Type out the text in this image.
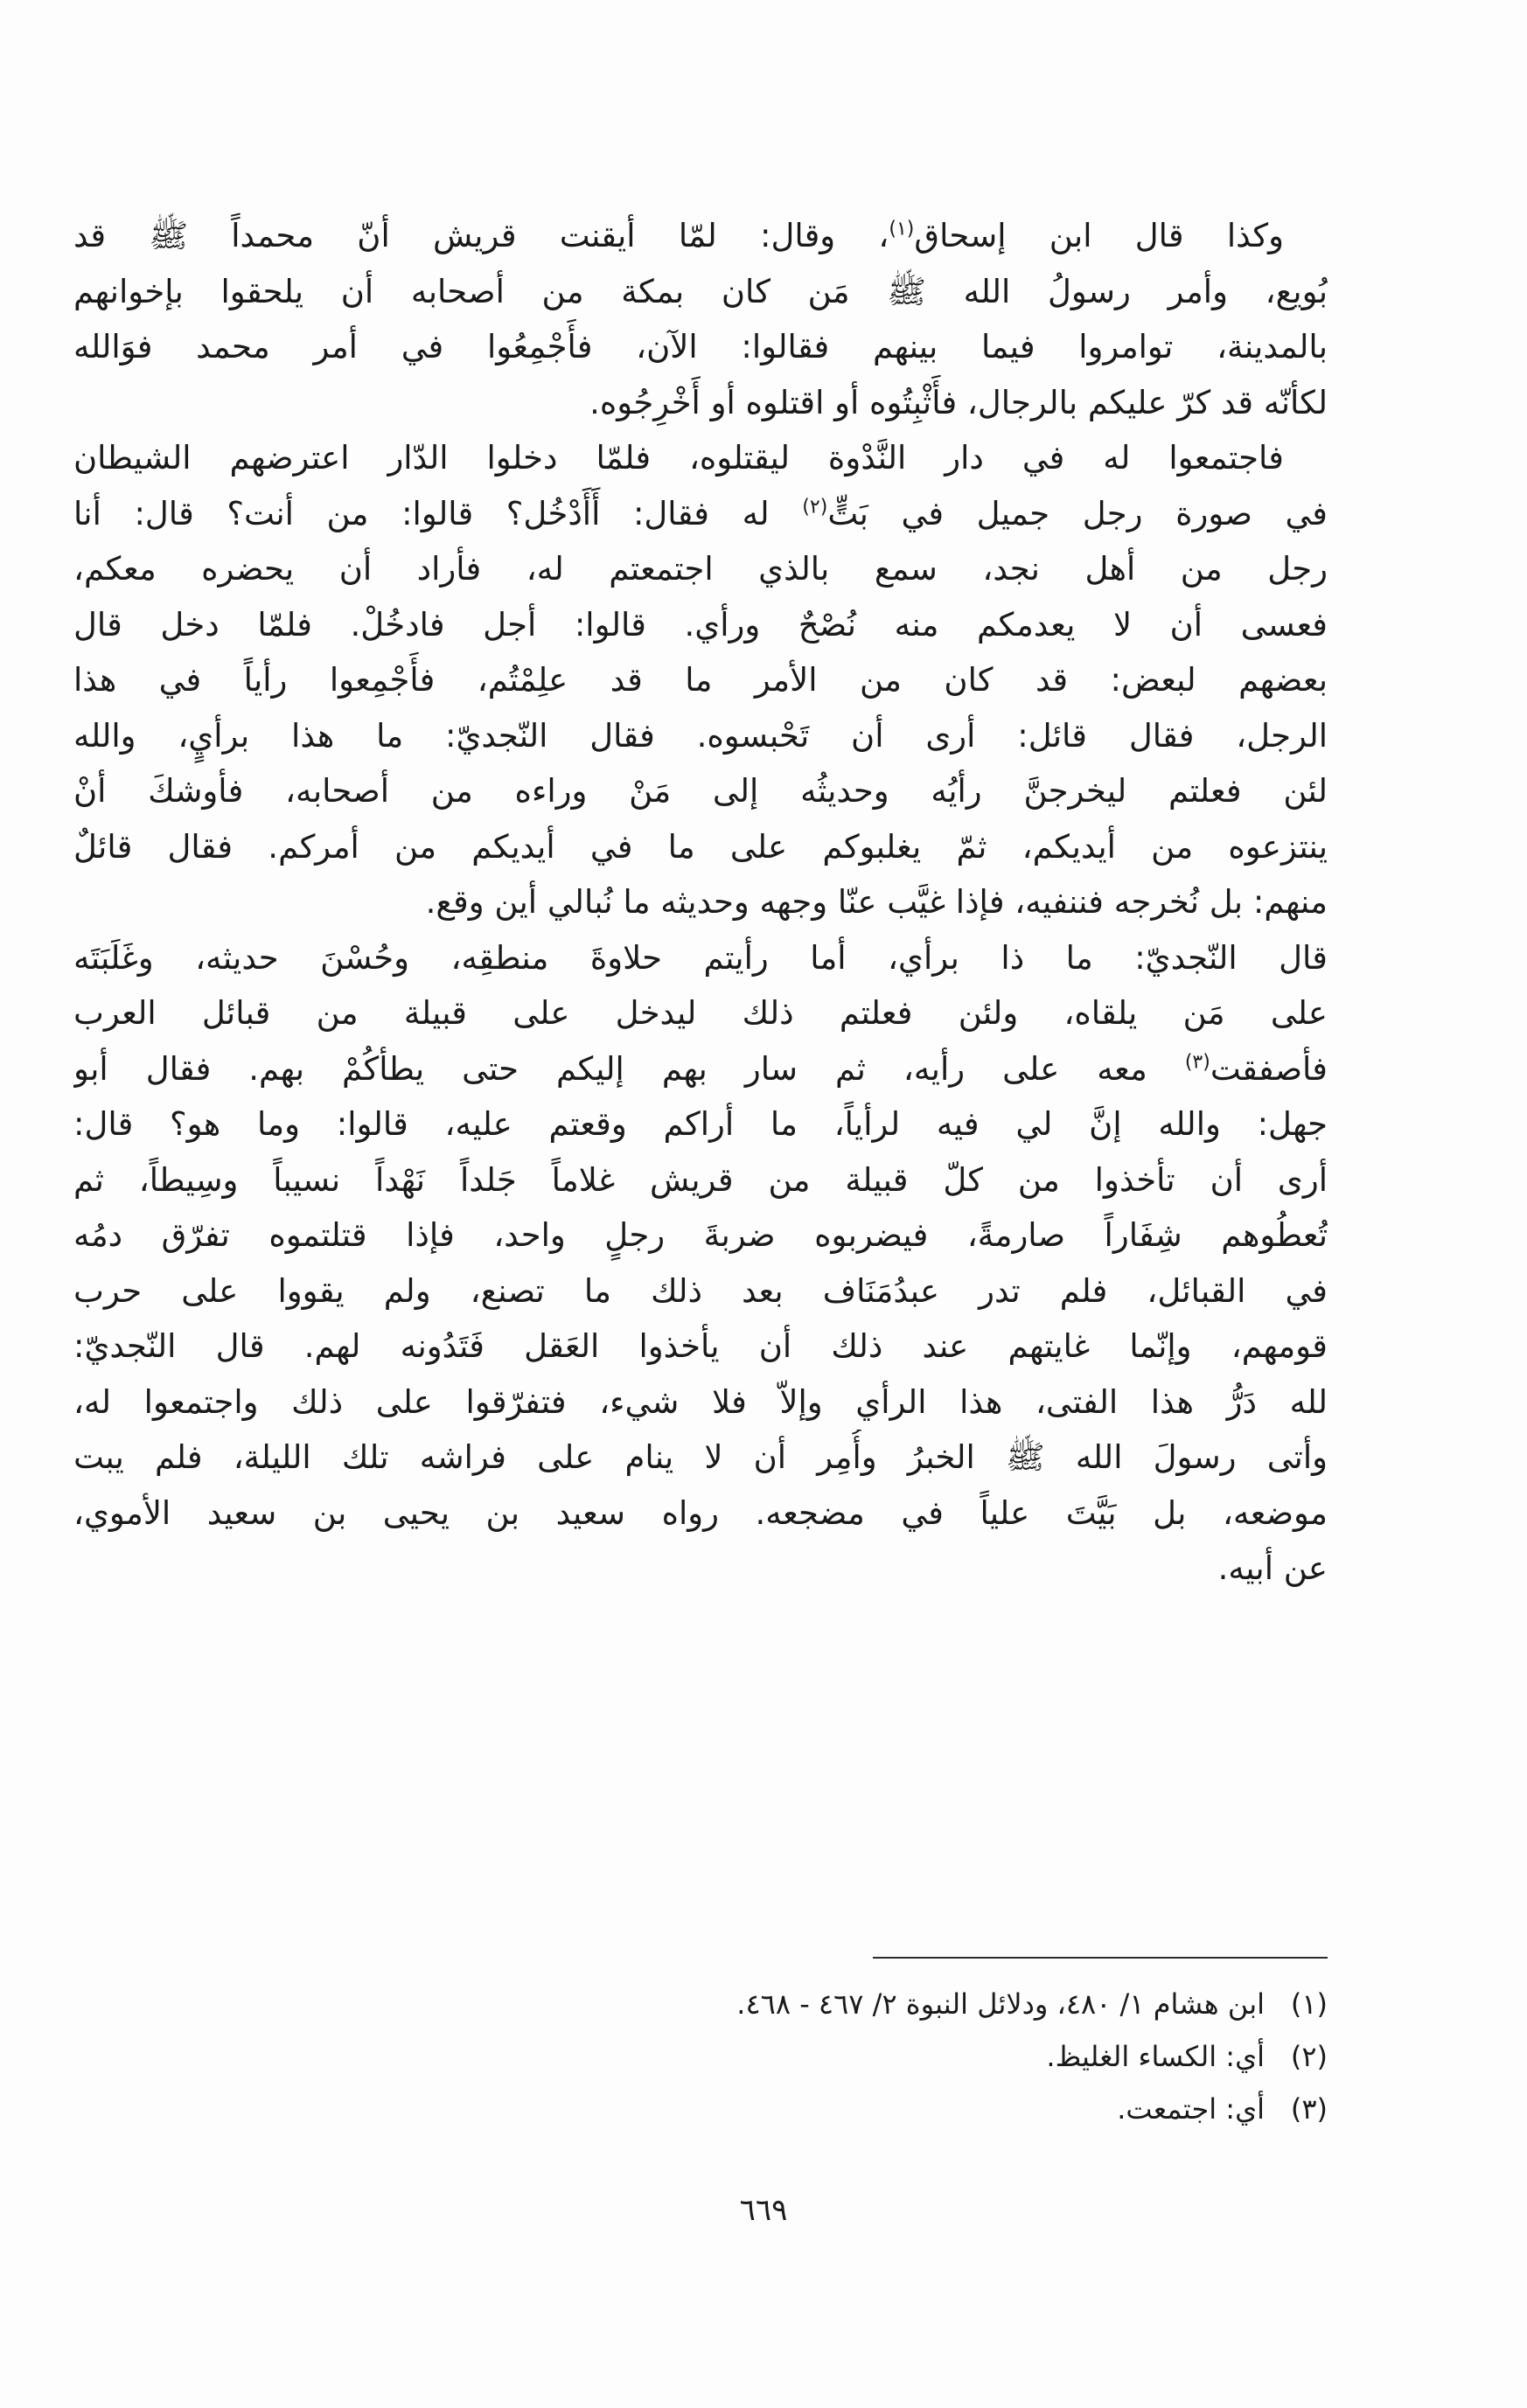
وكذا قال ابن إسحاق$^{(١)}$، وقال: لمّا أيقنت قريش أنّ محمداً ﷺ قد
بُويع، وأمر رسولُ الله ﷺ مَن كان بمكة من أصحابه أن يلحقوا بإخوانهم
بالمدينة، توامروا فيما بينهم فقالوا: الآن، فأَجْمِعُوا في أمر محمد فوَالله
لكأنّه قد كرّ عليكم بالرجال، فأَثْبِتُوه أو اقتلوه أو أَخْرِجُوه.
فاجتمعوا له في دار النَّدْوة ليقتلوه، فلمّا دخلوا الدّار اعترضهم الشيطان
في صورة رجل جميل في بَتٍّ$^{(٢)}$ له فقال: أَأَدْخُل؟ قالوا: من أنت؟ قال: أنا
رجل من أهل نجد، سمع بالذي اجتمعتم له، فأراد أن يحضره معكم،
فعسى أن لا يعدمكم منه نُصْحٌ ورأي. قالوا: أجل فادخُلْ. فلمّا دخل قال
بعضهم لبعض: قد كان من الأمر ما قد علِمْتُم، فأَجْمِعوا رأياً في هذا
الرجل، فقال قائل: أرى أن تَحْبسوه. فقال النّجديّ: ما هذا برأيٍ، والله
لئن فعلتم ليخرجنَّ رأيُه وحديثُه إلى مَنْ وراءه من أصحابه، فأوشكَ أنْ
ينتزعوه من أيديكم، ثمّ يغلبوكم على ما في أيديكم من أمركم. فقال قائلٌ
منهم: بل نُخرجه فننفيه، فإذا غيَّب عنّا وجهه وحديثه ما نُبالي أين وقع.
قال النّجديّ: ما ذا برأي، أما رأيتم حلاوةَ منطقِه، وحُسْنَ حديثه، وغَلَبَتَه
على مَن يلقاه، ولئن فعلتم ذلك ليدخل على قبيلة من قبائل العرب
فأصفقت$^{(٣)}$ معه على رأيه، ثم سار بهم إليكم حتى يطأكُمْ بهم. فقال أبو
جهل: والله إنَّ لي فيه لرأياً، ما أراكم وقعتم عليه، قالوا: وما هو؟ قال:
أرى أن تأخذوا من كلّ قبيلة من قريش غلاماً جَلداً نَهْداً نسيباً وسِيطاً، ثم
تُعطُوهم شِفَاراً صارمةً، فيضربوه ضربةَ رجلٍ واحد، فإذا قتلتموه تفرّق دمُه
في القبائل، فلم تدر عبدُمَنَاف بعد ذلك ما تصنع، ولم يقووا على حرب
قومهم، وإنّما غايتهم عند ذلك أن يأخذوا العَقل فَتَدُونه لهم. قال النّجديّ:
لله دَرُّ هذا الفتى، هذا الرأي وإلاّ فلا شيء، فتفرّقوا على ذلك واجتمعوا له،
وأتى رسولَ الله ﷺ الخبرُ وأُمِر أن لا ينام على فراشه تلك الليلة، فلم يبت
موضعه، بل بَيَّتَ علياً في مضجعه. رواه سعيد بن يحيى بن سعيد الأموي،
عن أبيه.
(١)
ابن هشام ١/ ٤٨٠، ودلائل النبوة ٢/ ٤٦٧ - ٤٦٨.
(٢)
أي: الكساء الغليظ.
(٣)
أي: اجتمعت.
٦٦٩
